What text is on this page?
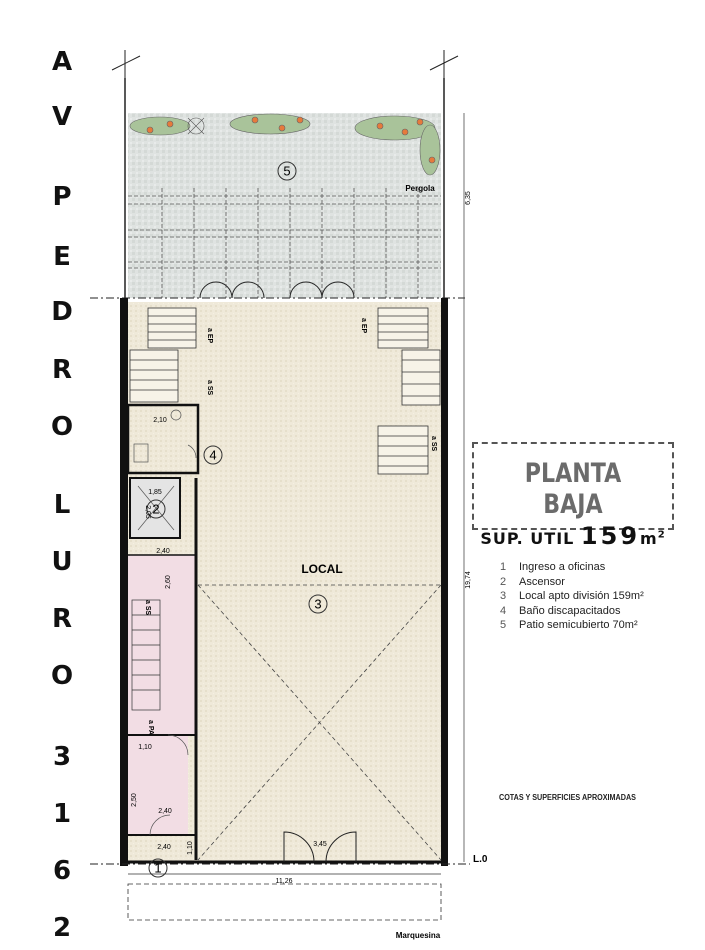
A
V
P
E
D
R
O
L
U
R
O
3
1
6
2
5
4
3
2
1
LOCAL
Pergola
Marquesina
L.0
a EP
a EP
a SS
a SS
a SS
a PA
6,35
19,74
11,26
1,85
2,05
2,10
2,40
2,60
1,10
2,50
2,40
2,40 1,10	3,45
PLANTA BAJA
SUP. UTIL $159m^2$
1 Ingreso a oficinas
2 Ascensor
3 Local apto división 159m²
4 Baño discapacitados
5 Patio semicubierto 70m²
COTAS Y SUPERFICIES APROXIMADAS
